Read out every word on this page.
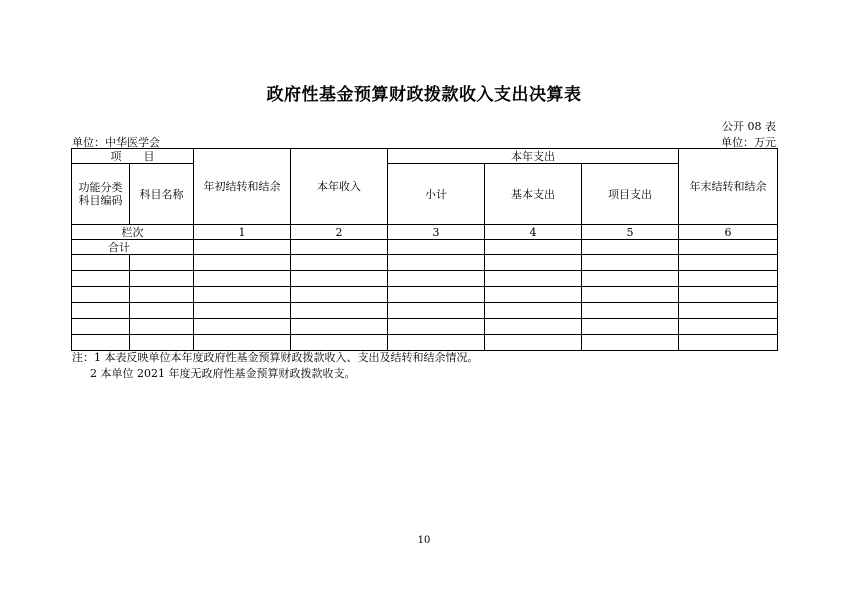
政府性基金预算财政拨款收入支出决算表
公开 08 表
单位：中华医学会	单位：万元
项　　目		年初结转和结余	本年收入	本年支出			年末结转和结余
功能分类科目编码	科目名称			小计	基本支出	项目支出	
栏次		1	2	3	4	5	6
合计							

注：1 本表反映单位本年度政府性基金预算财政拨款收入、支出及结转和结余情况。
2 本单位 2021 年度无政府性基金预算财政拨款收支。
10
